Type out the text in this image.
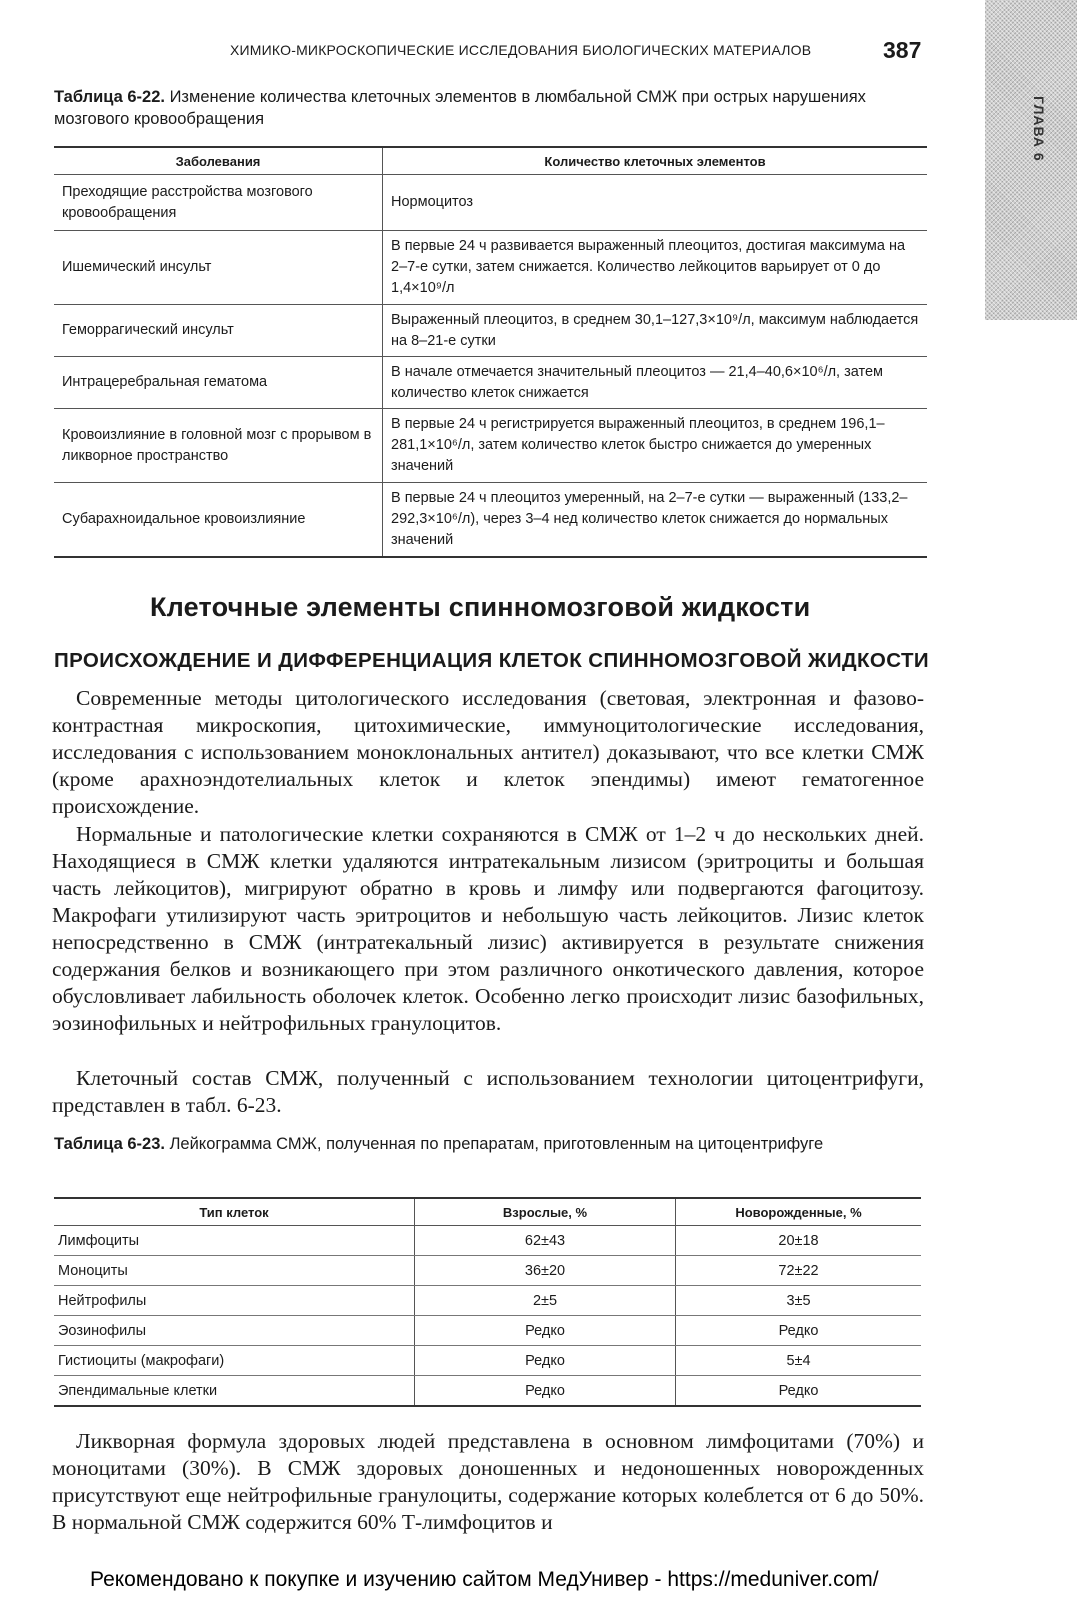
ГЛАВА 6
ХИМИКО-МИКРОСКОПИЧЕСКИЕ ИССЛЕДОВАНИЯ БИОЛОГИЧЕСКИХ МАТЕРИАЛОВ	387
Таблица 6-22. Изменение количества клеточных элементов в люмбальной СМЖ при острых нарушениях мозгового кровообращения
Заболевания	Количество клеточных элементов
Преходящие расстройства мозгового кровообращения	Нормоцитоз
Ишемический инсульт	В первые 24 ч развивается выраженный плеоцитоз, достигая максимума на 2–7-е сутки, затем снижается. Количество лейкоцитов варьирует от 0 до 1,4×10⁹/л
Геморрагический инсульт	Выраженный плеоцитоз, в среднем 30,1–127,3×10⁹/л, максимум наблюдается на 8–21-е сутки
Интрацеребральная гематома	В начале отмечается значительный плеоцитоз — 21,4–40,6×10⁶/л, затем количество клеток снижается
Кровоизлияние в головной мозг с прорывом в ликворное пространство	В первые 24 ч регистрируется выраженный плеоцитоз, в среднем 196,1–281,1×10⁶/л, затем количество клеток быстро снижается до умеренных значений
Субарахноидальное кровоизлияние	В первые 24 ч плеоцитоз умеренный, на 2–7-е сутки — выраженный (133,2–292,3×10⁶/л), через 3–4 нед количество клеток снижается до нормальных значений
Клеточные элементы спинномозговой жидкости
ПРОИСХОЖДЕНИЕ И ДИФФЕРЕНЦИАЦИЯ КЛЕТОК СПИННОМОЗГОВОЙ ЖИДКОСТИ

Современные методы цитологического исследования (световая, электронная и фазово-контрастная микроскопия, цитохимические, иммуноцитологические исследования, исследования с использованием моноклональных антител) доказывают, что все клетки СМЖ (кроме арахноэндотелиальных клеток и клеток эпендимы) имеют гематогенное происхождение.

Нормальные и патологические клетки сохраняются в СМЖ от 1–2 ч до нескольких дней. Находящиеся в СМЖ клетки удаляются интратекальным лизисом (эритроциты и большая часть лейкоцитов), мигрируют обратно в кровь и лимфу или подвергаются фагоцитозу. Макрофаги утилизируют часть эритроцитов и небольшую часть лейкоцитов. Лизис клеток непосредственно в СМЖ (интратекальный лизис) активируется в результате снижения содержания белков и возникающего при этом различного онкотического давления, которое обусловливает лабильность оболочек клеток. Особенно легко происходит лизис базофильных, эозинофильных и нейтрофильных гранулоцитов.

Клеточный состав СМЖ, полученный с использованием технологии цитоцентрифуги, представлен в табл. 6-23.

Таблица 6-23. Лейкограмма СМЖ, полученная по препаратам, приготовленным на цитоцентрифуге
Тип клеток	Взрослые, %	Новорожденные, %
Лимфоциты	62±43	20±18
Моноциты	36±20	72±22
Нейтрофилы	2±5	3±5
Эозинофилы	Редко	Редко
Гистиоциты (макрофаги)	Редко	5±4
Эпендимальные клетки	Редко	Редко

Ликворная формула здоровых людей представлена в основном лимфоцитами (70%) и моноцитами (30%). В СМЖ здоровых доношенных и недоношенных новорожденных присутствуют еще нейтрофильные гранулоциты, содержание которых колеблется от 6 до 50%. В нормальной СМЖ содержится 60% Т-лимфоцитов и

Рекомендовано к покупке и изучению сайтом МедУнивер - https://meduniver.com/
